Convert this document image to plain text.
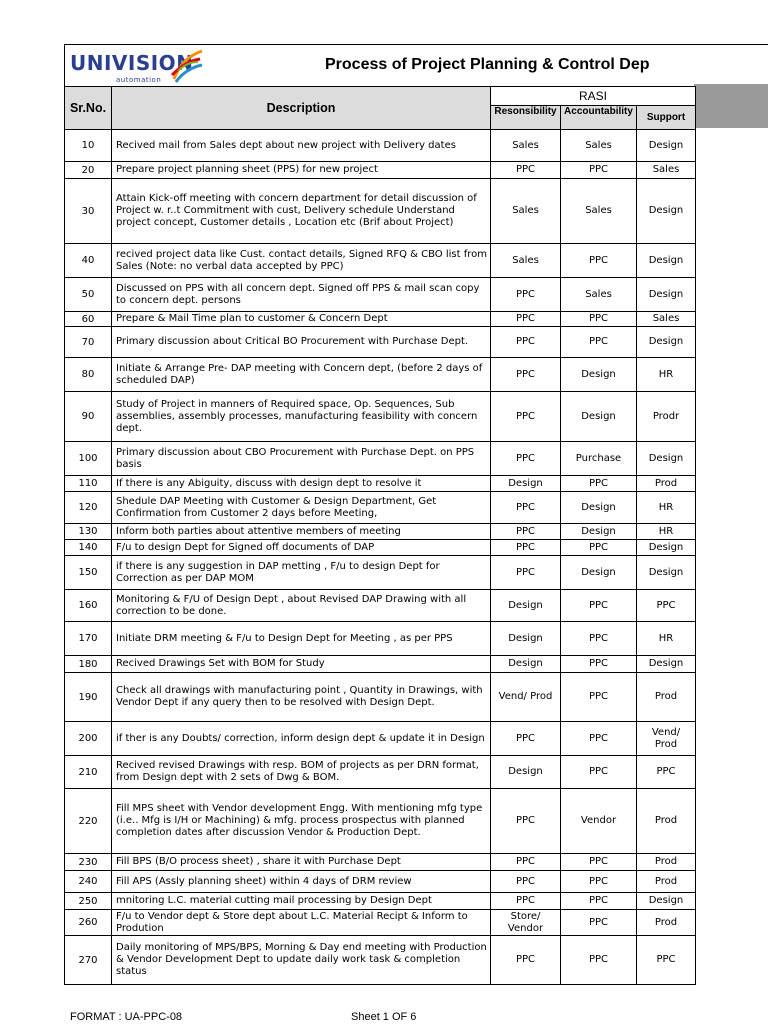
UNIVISION
automation
Process of Project Planning & Control Dep
Sr.No.	Description	RASI		
		Resonsibility	Accountability	Support
10	Recived mail from Sales dept about new project with Delivery dates	Sales	Sales	Design
20	Prepare project planning sheet (PPS) for new project	PPC	PPC	Sales
30	Attain Kick-off meeting with concern department for detail discussion of Project w. r..t Commitment with cust, Delivery schedule Understand project concept, Customer details , Location etc (Brif about Project)	Sales	Sales	Design
40	recived project data like Cust. contact details, Signed RFQ & CBO list from Sales (Note: no verbal data accepted by PPC)	Sales	PPC	Design
50	Discussed on PPS with all concern dept. Signed off PPS & mail scan copy to concern dept. persons	PPC	Sales	Design
60	Prepare & Mail Time plan to customer & Concern Dept	PPC	PPC	Sales
70	Primary discussion about Critical BO Procurement with Purchase Dept.	PPC	PPC	Design
80	Initiate & Arrange Pre- DAP meeting with Concern dept, (before 2 days of scheduled DAP)	PPC	Design	HR
90	Study of Project in manners of Required space, Op. Sequences, Sub assemblies, assembly processes, manufacturing feasibility with concern dept.	PPC	Design	Prodr
100	Primary discussion about CBO Procurement with Purchase Dept. on PPS basis	PPC	Purchase	Design
110	If there is any Abiguity, discuss with design dept to resolve it	Design	PPC	Prod
120	Shedule DAP Meeting with Customer & Design Department, Get Confirmation from Customer 2 days before Meeting,	PPC	Design	HR
130	Inform both parties about attentive members of meeting	PPC	Design	HR
140	F/u to design Dept for Signed off documents of DAP	PPC	PPC	Design
150	if there is any suggestion in DAP metting , F/u to design Dept for Correction as per DAP MOM	PPC	Design	Design
160	Monitoring & F/U of Design Dept , about Revised DAP Drawing with all correction to be done.	Design	PPC	PPC
170	Initiate DRM meeting & F/u to Design Dept for Meeting , as per PPS	Design	PPC	HR
180	Recived Drawings Set with BOM for Study	Design	PPC	Design
190	Check all drawings with manufacturing point , Quantity in Drawings, with Vendor Dept if any query then to be resolved with Design Dept.	Vend/ Prod	PPC	Prod
200	if ther is any Doubts/ correction, inform design dept & update it in Design	PPC	PPC	Vend/ Prod
210	Recived revised Drawings with resp. BOM of projects as per DRN format, from Design dept with 2 sets of Dwg & BOM.	Design	PPC	PPC
220	Fill MPS sheet with Vendor development Engg. With mentioning mfg type (i.e.. Mfg is I/H or Machining) & mfg. process prospectus with planned completion dates after discussion Vendor & Production Dept.	PPC	Vendor	Prod
230	Fill BPS (B/O process sheet) , share it with Purchase Dept	PPC	PPC	Prod
240	Fill APS (Assly planning sheet) within 4 days of DRM review	PPC	PPC	Prod
250	mnitoring L.C. material cutting mail processing by Design Dept	PPC	PPC	Design
260	F/u to Vendor dept & Store dept about L.C. Material Recipt & Inform to Prodution	Store/ Vendor	PPC	Prod
270	Daily monitoring of MPS/BPS, Morning & Day end meeting with Production & Vendor Development Dept to update daily work task & completion status	PPC	PPC	PPC
FORMAT : UA-PPC-08	Sheet 1 OF 6
